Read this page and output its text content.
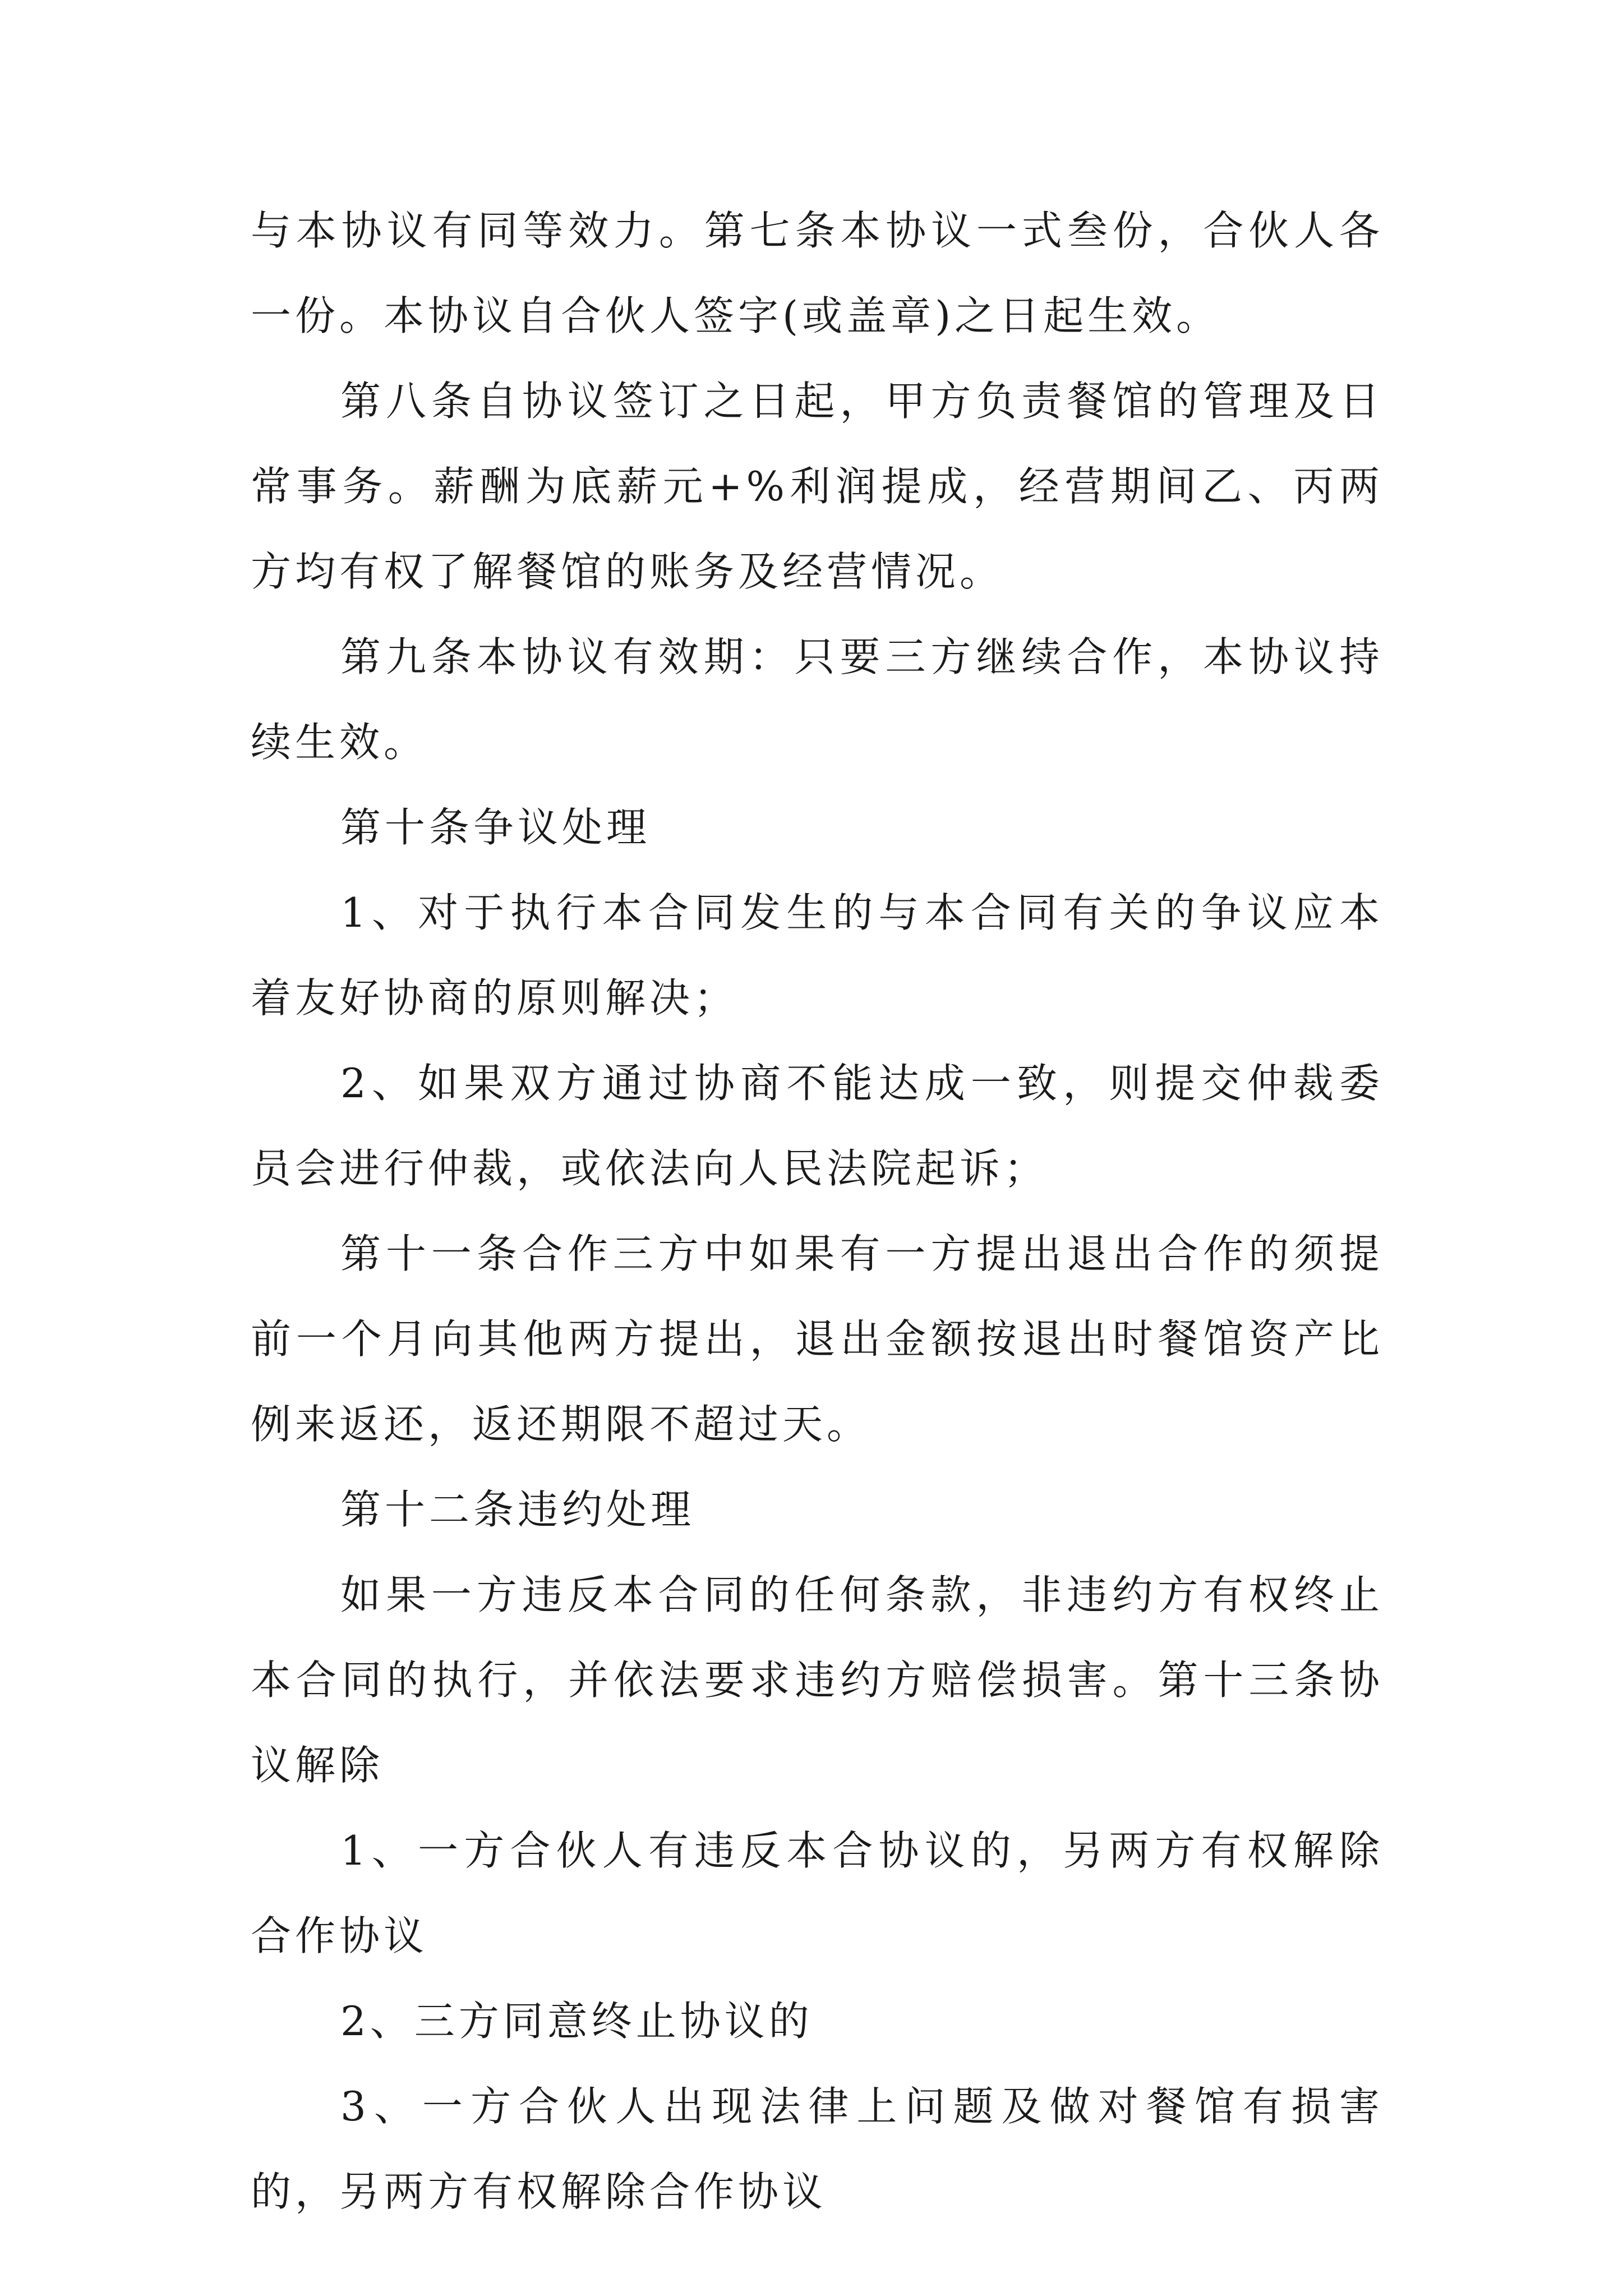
与本协议有同等效力。第七条本协议一式叁份，合伙人各一份。本协议自合伙人签字(或盖章)之日起生效。

第八条自协议签订之日起，甲方负责餐馆的管理及日常事务。薪酬为底薪元+%利润提成，经营期间乙、丙两方均有权了解餐馆的账务及经营情况。

第九条本协议有效期：只要三方继续合作，本协议持续生效。

第十条争议处理

1、对于执行本合同发生的与本合同有关的争议应本着友好协商的原则解决；

2、如果双方通过协商不能达成一致，则提交仲裁委员会进行仲裁，或依法向人民法院起诉；

第十一条合作三方中如果有一方提出退出合作的须提前一个月向其他两方提出，退出金额按退出时餐馆资产比例来返还，返还期限不超过天。

第十二条违约处理

如果一方违反本合同的任何条款，非违约方有权终止本合同的执行，并依法要求违约方赔偿损害。第十三条协议解除

1、一方合伙人有违反本合协议的，另两方有权解除合作协议

2、三方同意终止协议的

3、一方合伙人出现法律上问题及做对餐馆有损害的，另两方有权解除合作协议
